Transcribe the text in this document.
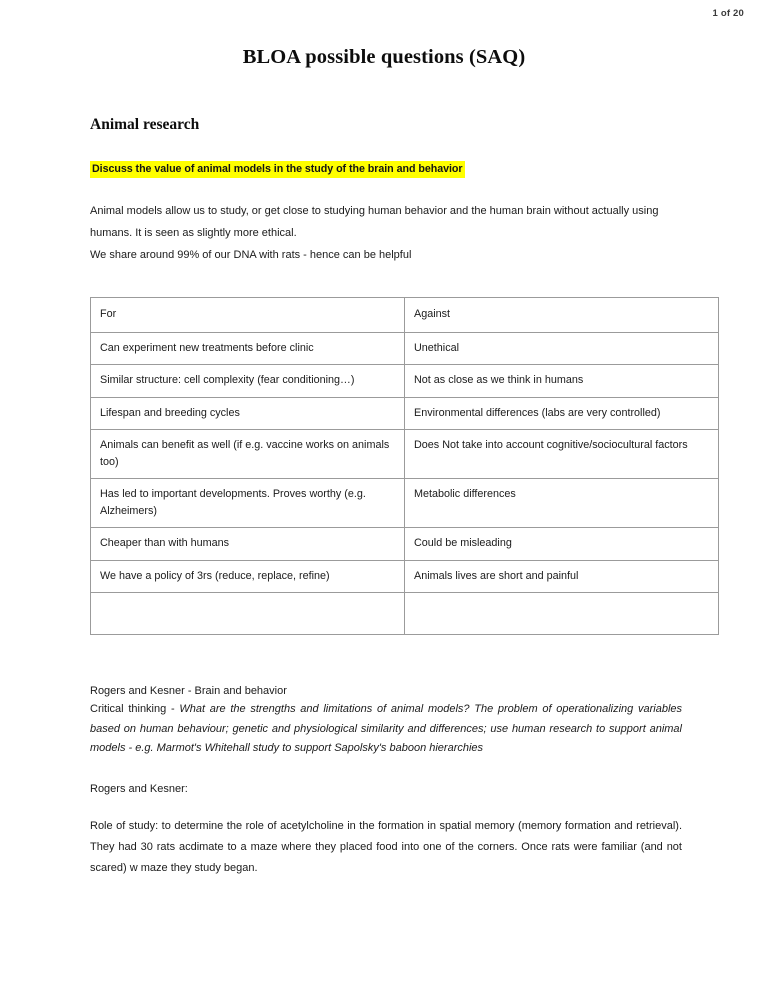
1 of 20
BLOA possible questions (SAQ)
Animal research
Discuss the value of animal models in the study of the brain and behavior

Animal models allow us to study, or get close to studying human behavior and the human brain without actually using humans. It is seen as slightly more ethical.

We share around 99% of our DNA with rats - hence can be helpful

For	Against
Can experiment new treatments before clinic	Unethical
Similar structure: cell complexity (fear conditioning…)	Not as close as we think in humans
Lifespan and breeding cycles	Environmental differences (labs are very controlled)
Animals can benefit as well (if e.g. vaccine works on animals too)	Does Not take into account cognitive/sociocultural factors
Has led to important developments. Proves worthy (e.g. Alzheimers)	Metabolic differences
Cheaper than with humans	Could be misleading
We have a policy of 3rs (reduce, replace, refine)	Animals lives are short and painful

Rogers and Kesner - Brain and behavior

Critical thinking - What are the strengths and limitations of animal models? The problem of operationalizing variables based on human behaviour; genetic and physiological similarity and differences; use human research to support animal models - e.g. Marmot's Whitehall study to support Sapolsky's baboon hierarchies

Rogers and Kesner:

Role of study: to determine the role of acetylcholine in the formation in spatial memory (memory formation and retrieval). They had 30 rats acdimate to a maze where they placed food into one of the corners. Once rats were familiar (and not scared) w maze they study began.
